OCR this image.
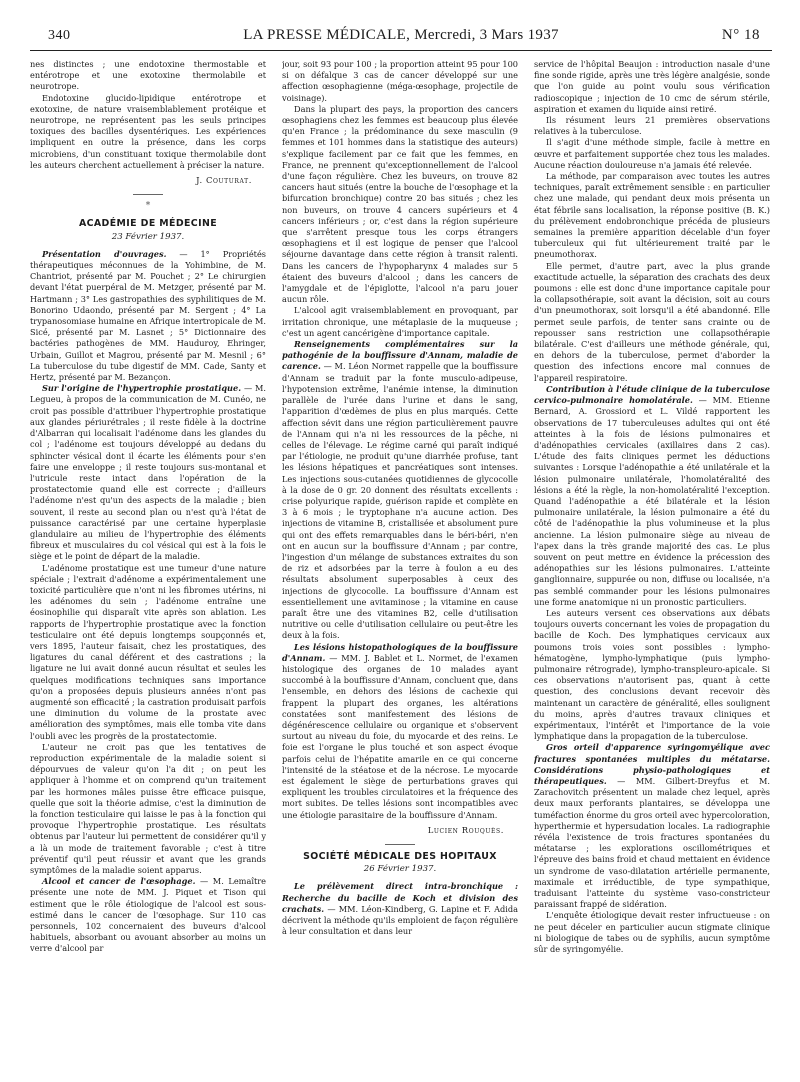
340	LA PRESSE MÉDICALE, Mercredi, 3 Mars 1937	N° 18

nes distinctes ; une endotoxine thermostable et entérotrope et une exotoxine thermolabile et neurotrope.

Endotoxine glucido-lipidique entérotrope et exotoxine, de nature vraisemblablement protéique et neurotrope, ne représentent pas les seuls principes toxiques des bacilles dysentériques. Les expériences impliquent en outre la présence, dans les corps microbiens, d'un constituant toxique thermolabile dont les auteurs cherchent actuellement à préciser la nature.

J. Couturat.
*
ACADÉMIE DE MÉDECINE
23 Février 1937.

Présentation d'ouvrages. — 1° Propriétés thérapeutiques méconnues de la Yohimbine, de M. Chantriot, présenté par M. Pouchet ; 2° Le chirurgien devant l'état puerpéral de M. Metzger, présenté par M. Hartmann ; 3° Les gastropathies des syphilitiques de M. Bonorino Udaondo, présenté par M. Sergent ; 4° La trypanosomiase humaine en Afrique intertropicale de M. Sicé, présenté par M. Lasnet ; 5° Dictionnaire des bactéries pathogènes de MM. Hauduroy, Ehringer, Urbain, Guillot et Magrou, présenté par M. Mesnil ; 6° La tuberculose du tube digestif de MM. Cade, Santy et Hertz, présenté par M. Bezançon.

Sur l'origine de l'hypertrophie prostatique. — M. Legueu, à propos de la communication de M. Cunéo, ne croit pas possible d'attribuer l'hypertrophie prostatique aux glandes périurétrales ; il reste fidèle à la doctrine d'Albarran qui localisait l'adénome dans les glandes du col ; l'adénome est toujours développé au dedans du sphincter vésical dont il écarte les éléments pour s'en faire une enveloppe ; il reste toujours sus-montanal et l'utricule reste intact dans l'opération de la prostatectomie quand elle est correcte ; d'ailleurs l'adénome n'est qu'un des aspects de la maladie ; bien souvent, il reste au second plan ou n'est qu'à l'état de puissance caractérisé par une certaine hyperplasie glandulaire au milieu de l'hypertrophie des éléments fibreux et musculaires du col vésical qui est à la fois le siège et le point de départ de la maladie.

L'adénome prostatique est une tumeur d'une nature spéciale ; l'extrait d'adénome a expérimentalement une toxicité particulière que n'ont ni les fibromes utérins, ni les adénomes du sein ; l'adénome entraîne une éosinophilie qui disparaît vite après son ablation. Les rapports de l'hypertrophie prostatique avec la fonction testiculaire ont été depuis longtemps soupçonnés et, vers 1895, l'auteur faisait, chez les prostatiques, des ligatures du canal déférent et des castrations ; la ligature ne lui avait donné aucun résultat et seules les quelques modifications techniques sans importance qu'on a proposées depuis plusieurs années n'ont pas augmenté son efficacité ; la castration produisait parfois une diminution du volume de la prostate avec amélioration des symptômes, mais elle tomba vite dans l'oubli avec les progrès de la prostatectomie.

L'auteur ne croit pas que les tentatives de reproduction expérimentale de la maladie soient si dépourvues de valeur qu'on l'a dit ; on peut les appliquer à l'homme et on comprend qu'un traitement par les hormones mâles puisse être efficace puisque, quelle que soit la théorie admise, c'est la diminution de la fonction testiculaire qui laisse le pas à la fonction qui provoque l'hypertrophie prostatique. Les résultats obtenus par l'auteur lui permettent de considérer qu'il y a là un mode de traitement favorable ; c'est à titre préventif qu'il peut réussir et avant que les grands symptômes de la maladie soient apparus.

Alcool et cancer de l'œsophage. — M. Lemaître présente une note de MM. J. Piquet et Tison qui estiment que le rôle étiologique de l'alcool est sous-estimé dans le cancer de l'œsophage. Sur 110 cas personnels, 102 concernaient des buveurs d'alcool habituels, absorbant ou avouant absorber au moins un verre d'alcool par

jour, soit 93 pour 100 ; la proportion atteint 95 pour 100 si on défalque 3 cas de cancer développé sur une affection œsophagienne (méga-œsophage, projectile de voisinage).

Dans la plupart des pays, la proportion des cancers œsophagiens chez les femmes est beaucoup plus élevée qu'en France ; la prédominance du sexe masculin (9 femmes et 101 hommes dans la statistique des auteurs) s'explique facilement par ce fait que les femmes, en France, ne prennent qu'exceptionnellement de l'alcool d'une façon régulière. Chez les buveurs, on trouve 82 cancers haut situés (entre la bouche de l'œsophage et la bifurcation bronchique) contre 20 bas situés ; chez les non buveurs, on trouve 4 cancers supérieurs et 4 cancers inférieurs ; or, c'est dans la région supérieure que s'arrêtent presque tous les corps étrangers œsophagiens et il est logique de penser que l'alcool séjourne davantage dans cette région à transit ralenti. Dans les cancers de l'hypopharynx 4 malades sur 5 étaient des buveurs d'alcool ; dans les cancers de l'amygdale et de l'épiglotte, l'alcool n'a paru jouer aucun rôle.

L'alcool agit vraisemblablement en provoquant, par irritation chronique, une métaplasie de la muqueuse ; c'est un agent cancérigène d'importance capitale.

Renseignements complémentaires sur la pathogénie de la bouffissure d'Annam, maladie de carence. — M. Léon Normet rappelle que la bouffissure d'Annam se traduit par la fonte musculo-adipeuse, l'hypotension extrême, l'anémie intense, la diminution parallèle de l'urée dans l'urine et dans le sang, l'apparition d'œdèmes de plus en plus marqués. Cette affection sévit dans une région particulièrement pauvre de l'Annam qui n'a ni les ressources de la pêche, ni celles de l'élevage. Le régime carné qui paraît indiqué par l'étiologie, ne produit qu'une diarrhée profuse, tant les lésions hépatiques et pancréatiques sont intenses. Les injections sous-cutanées quotidiennes de glycocolle à la dose de 0 gr. 20 donnent des résultats excellents : crise polyurique rapide, guérison rapide et complète en 3 à 6 mois ; le tryptophane n'a aucune action. Des injections de vitamine B, cristallisée et absolument pure qui ont des effets remarquables dans le béri-béri, n'en ont en aucun sur la bouffissure d'Annam ; par contre, l'ingestion d'un mélange de substances extraites du son de riz et adsorbées par la terre à foulon a eu des résultats absolument superposables à ceux des injections de glycocolle. La bouffissure d'Annam est essentiellement une avitaminose ; la vitamine en cause paraît être une des vitamines B2, celle d'utilisation nutritive ou celle d'utilisation cellulaire ou peut-être les deux à la fois.

Les lésions histopathologiques de la bouffissure d'Annam. — MM. J. Bablet et L. Normet, de l'examen histologique des organes de 10 malades ayant succombé à la bouffissure d'Annam, concluent que, dans l'ensemble, en dehors des lésions de cachexie qui frappent la plupart des organes, les altérations constatées sont manifestement des lésions de dégénérescence cellulaire ou organique et s'observent surtout au niveau du foie, du myocarde et des reins. Le foie est l'organe le plus touché et son aspect évoque parfois celui de l'hépatite amarile en ce qui concerne l'intensité de la stéatose et de la nécrose. Le myocarde est également le siège de perturbations graves qui expliquent les troubles circulatoires et la fréquence des mort subites. De telles lésions sont incompatibles avec une étiologie parasitaire de la bouffissure d'Annam.

Lucien Rouquès.
SOCIÉTÉ MÉDICALE DES HOPITAUX
26 Février 1937.

Le prélèvement direct intra-bronchique : Recherche du bacille de Koch et division des crachats. — MM. Léon-Kindberg, G. Lapine et F. Adida décrivent la méthode qu'ils emploient de façon régulière à leur consultation et dans leur

service de l'hôpital Beaujon : introduction nasale d'une fine sonde rigide, après une très légère analgésie, sonde que l'on guide au point voulu sous vérification radioscopique ; injection de 10 cmc de sérum stérile, aspiration et examen du liquide ainsi retiré.

Ils résument leurs 21 premières observations relatives à la tuberculose.

Il s'agit d'une méthode simple, facile à mettre en œuvre et parfaitement supportée chez tous les malades. Aucune réaction douloureuse n'a jamais été relevée.

La méthode, par comparaison avec toutes les autres techniques, paraît extrêmement sensible : en particulier chez une malade, qui pendant deux mois présenta un état fébrile sans localisation, la réponse positive (B. K.) du prélèvement endobronchique précéda de plusieurs semaines la première apparition décelable d'un foyer tuberculeux qui fut ultérieurement traité par le pneumothorax.

Elle permet, d'autre part, avec la plus grande exactitude actuelle, la séparation des crachats des deux poumons : elle est donc d'une importance capitale pour la collapsothérapie, soit avant la décision, soit au cours d'un pneumothorax, soit lorsqu'il a été abandonné. Elle permet seule parfois, de tenter sans crainte ou de repousser sans restriction une collapsothérapie bilatérale. C'est d'ailleurs une méthode générale, qui, en dehors de la tuberculose, permet d'aborder la question des infections encore mal connues de l'appareil respiratoire.

Contribution à l'étude clinique de la tuberculose cervico-pulmonaire homolatérale. — MM. Etienne Bernard, A. Grossiord et L. Vildé rapportent les observations de 17 tuberculeuses adultes qui ont été atteintes à la fois de lésions pulmonaires et d'adénopathies cervicales (axillaires dans 2 cas). L'étude des faits cliniques permet les déductions suivantes : Lorsque l'adénopathie a été unilatérale et la lésion pulmonaire unilatérale, l'homolatéralité des lésions a été la règle, la non-homolatéralité l'exception. Quand l'adénopathie a été bilatérale et la lésion pulmonaire unilatérale, la lésion pulmonaire a été du côté de l'adénopathie la plus volumineuse et la plus ancienne. La lésion pulmonaire siège au niveau de l'apex dans la très grande majorité des cas. Le plus souvent on peut mettre en évidence la précession des adénopathies sur les lésions pulmonaires. L'atteinte ganglionnaire, suppurée ou non, diffuse ou localisée, n'a pas semblé commander pour les lésions pulmonaires une forme anatomique ni un pronostic particuliers.

Les auteurs versent ces observations aux débats toujours ouverts concernant les voies de propagation du bacille de Koch. Des lymphatiques cervicaux aux poumons trois voies sont possibles : lympho-hématogène, lympho-lymphatique (puis lympho-pulmonaire rétrograde), lympho-transpleuro-apicale. Si ces observations n'autorisent pas, quant à cette question, des conclusions devant recevoir dès maintenant un caractère de généralité, elles soulignent du moins, après d'autres travaux cliniques et expérimentaux, l'intérêt et l'importance de la voie lymphatique dans la propagation de la tuberculose.

Gros orteil d'apparence syringomyélique avec fractures spontanées multiples du métatarse. Considérations physio-pathologiques et thérapeutiques. — MM. Gilbert-Dreyfus et M. Zarachovitch présentent un malade chez lequel, après deux maux perforants plantaires, se développa une tuméfaction énorme du gros orteil avec hypercoloration, hyperthermie et hypersudation locales. La radiographie révéla l'existence de trois fractures spontanées du métatarse ; les explorations oscillométriques et l'épreuve des bains froid et chaud mettaient en évidence un syndrome de vaso-dilatation artérielle permanente, maximale et irréductible, de type sympathique, traduisant l'atteinte du système vaso-constricteur paraissant frappé de sidération.

L'enquête étiologique devait rester infructueuse : on ne peut déceler en particulier aucun stigmate clinique ni biologique de tabes ou de syphilis, aucun symptôme sûr de syringomyélie.
